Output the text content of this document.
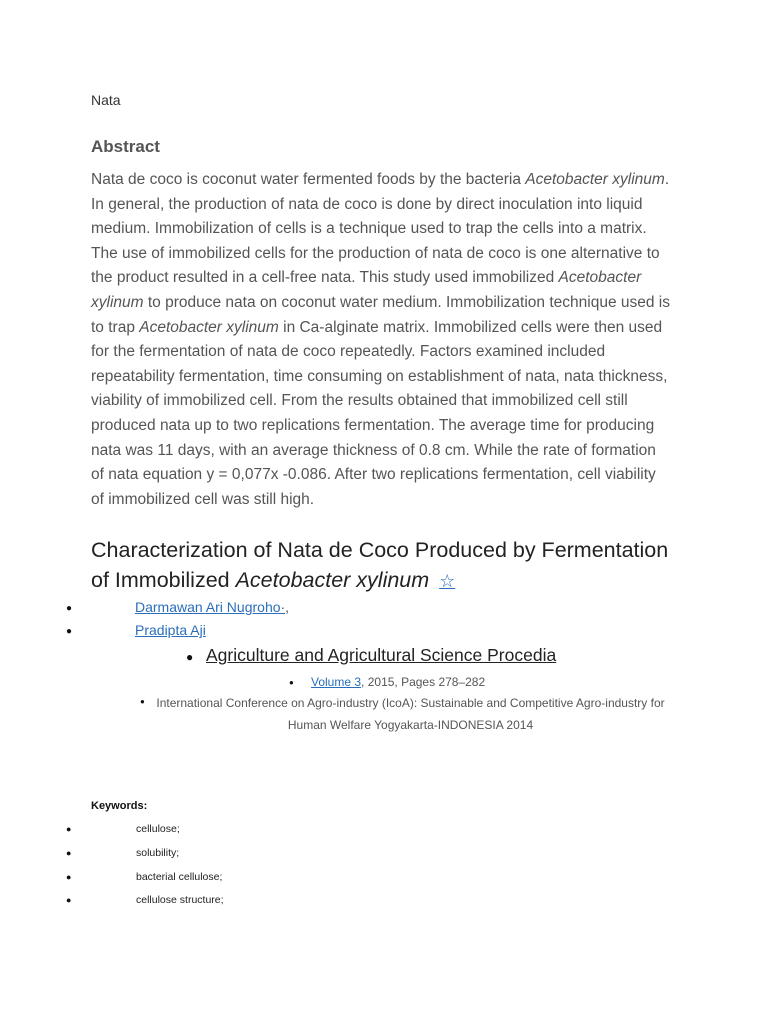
Nata
Abstract

Nata de coco is coconut water fermented foods by the bacteria Acetobacter xylinum. In general, the production of nata de coco is done by direct inoculation into liquid medium. Immobilization of cells is a technique used to trap the cells into a matrix. The use of immobilized cells for the production of nata de coco is one alternative to the product resulted in a cell-free nata. This study used immobilized Acetobacter xylinum to produce nata on coconut water medium. Immobilization technique used is to trap Acetobacter xylinum in Ca-alginate matrix. Immobilized cells were then used for the fermentation of nata de coco repeatedly. Factors examined included repeatability fermentation, time consuming on establishment of nata, nata thickness, viability of immobilized cell. From the results obtained that immobilized cell still produced nata up to two replications fermentation. The average time for producing nata was 11 days, with an average thickness of 0.8 cm. While the rate of formation of nata equation y = 0,077x -0.086. After two replications fermentation, cell viability of immobilized cell was still high.

Characterization of Nata de Coco Produced by Fermentation of Immobilized Acetobacter xylinum ☆
●	Darmawan Ari Nugroho·,
●	Pradipta Aji
● Agriculture and Agricultural Science Procedia
● Volume 3, 2015, Pages 278–282
● International Conference on Agro-industry (IcoA): Sustainable and Competitive Agro-industry for Human Welfare Yogyakarta-INDONESIA 2014
Keywords:
●	cellulose;
●	solubility;
●	bacterial cellulose;
●	cellulose structure;
